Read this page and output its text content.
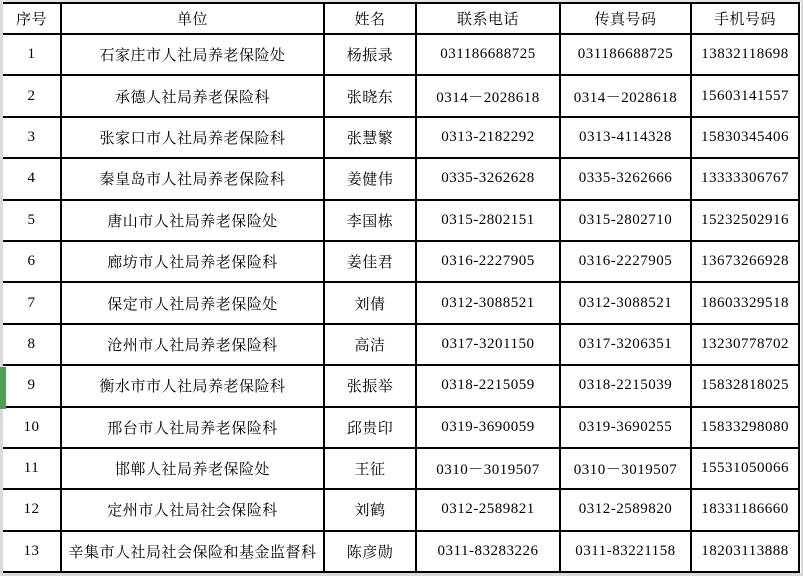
序号	单位	姓名	联系电话	传真号码	手机号码
1	石家庄市人社局养老保险处	杨振录	031186688725	031186688725	13832118698
2	承德人社局养老保险科	张晓东	0314－2028618	0314－2028618	15603141557
3	张家口市人社局养老保险科	张慧繁	0313-2182292	0313-4114328	15830345406
4	秦皇岛市人社局养老保险科	姜健伟	0335-3262628	0335-3262666	13333306767
5	唐山市人社局养老保险处	李国栋	0315-2802151	0315-2802710	15232502916
6	廊坊市人社局养老保险科	姜佳君	0316-2227905	0316-2227905	13673266928
7	保定市人社局养老保险处	刘倩	0312-3088521	0312-3088521	18603329518
8	沧州市人社局养老保险科	高洁	0317-3201150	0317-3206351	13230778702
9	衡水市市人社局养老保险科	张振举	0318-2215059	0318-2215039	15832818025
10	邢台市人社局养老保险科	邱贵印	0319-3690059	0319-3690255	15833298080
11	邯郸人社局养老保险处	王征	0310－3019507	0310－3019507	15531050066
12	定州市人社局社会保险科	刘鹤	0312-2589821	0312-2589820	18331186660
13	辛集市人社局社会保险和基金监督科	陈彦勋	0311-83283226	0311-83221158	18203113888
